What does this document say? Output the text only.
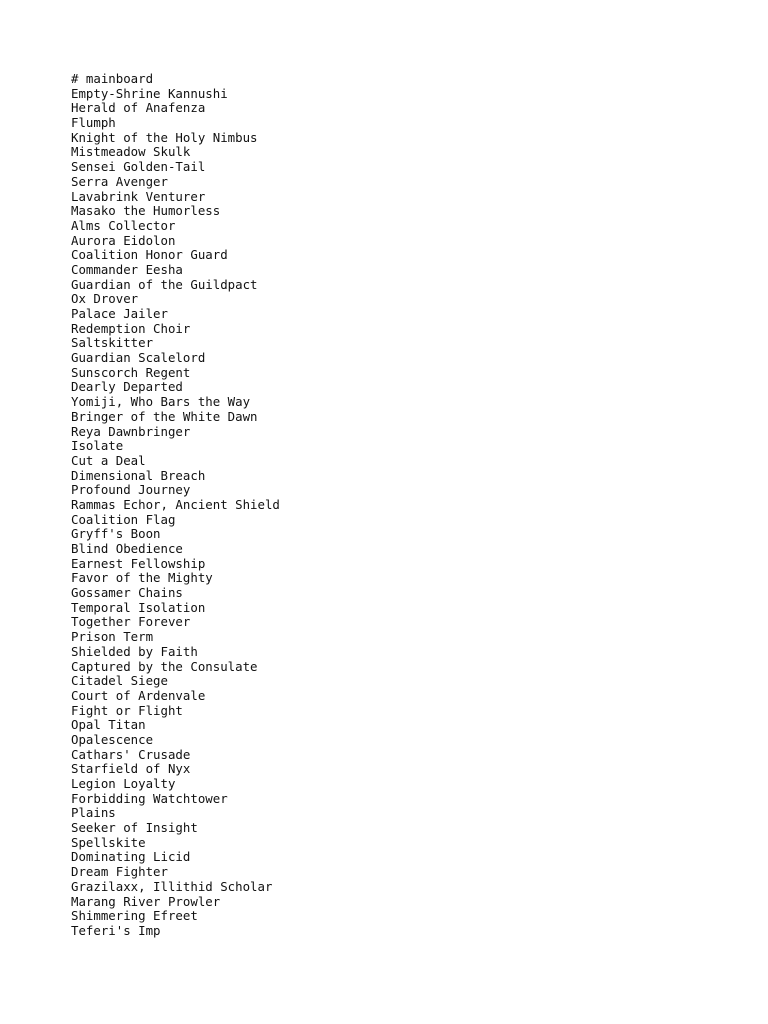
# mainboard
Empty-Shrine Kannushi
Herald of Anafenza
Flumph
Knight of the Holy Nimbus
Mistmeadow Skulk
Sensei Golden-Tail
Serra Avenger
Lavabrink Venturer
Masako the Humorless
Alms Collector
Aurora Eidolon
Coalition Honor Guard
Commander Eesha
Guardian of the Guildpact
Ox Drover
Palace Jailer
Redemption Choir
Saltskitter
Guardian Scalelord
Sunscorch Regent
Dearly Departed
Yomiji, Who Bars the Way
Bringer of the White Dawn
Reya Dawnbringer
Isolate
Cut a Deal
Dimensional Breach
Profound Journey
Rammas Echor, Ancient Shield
Coalition Flag
Gryff's Boon
Blind Obedience
Earnest Fellowship
Favor of the Mighty
Gossamer Chains
Temporal Isolation
Together Forever
Prison Term
Shielded by Faith
Captured by the Consulate
Citadel Siege
Court of Ardenvale
Fight or Flight
Opal Titan
Opalescence
Cathars' Crusade
Starfield of Nyx
Legion Loyalty
Forbidding Watchtower
Plains
Seeker of Insight
Spellskite
Dominating Licid
Dream Fighter
Grazilaxx, Illithid Scholar
Marang River Prowler
Shimmering Efreet
Teferi's Imp
